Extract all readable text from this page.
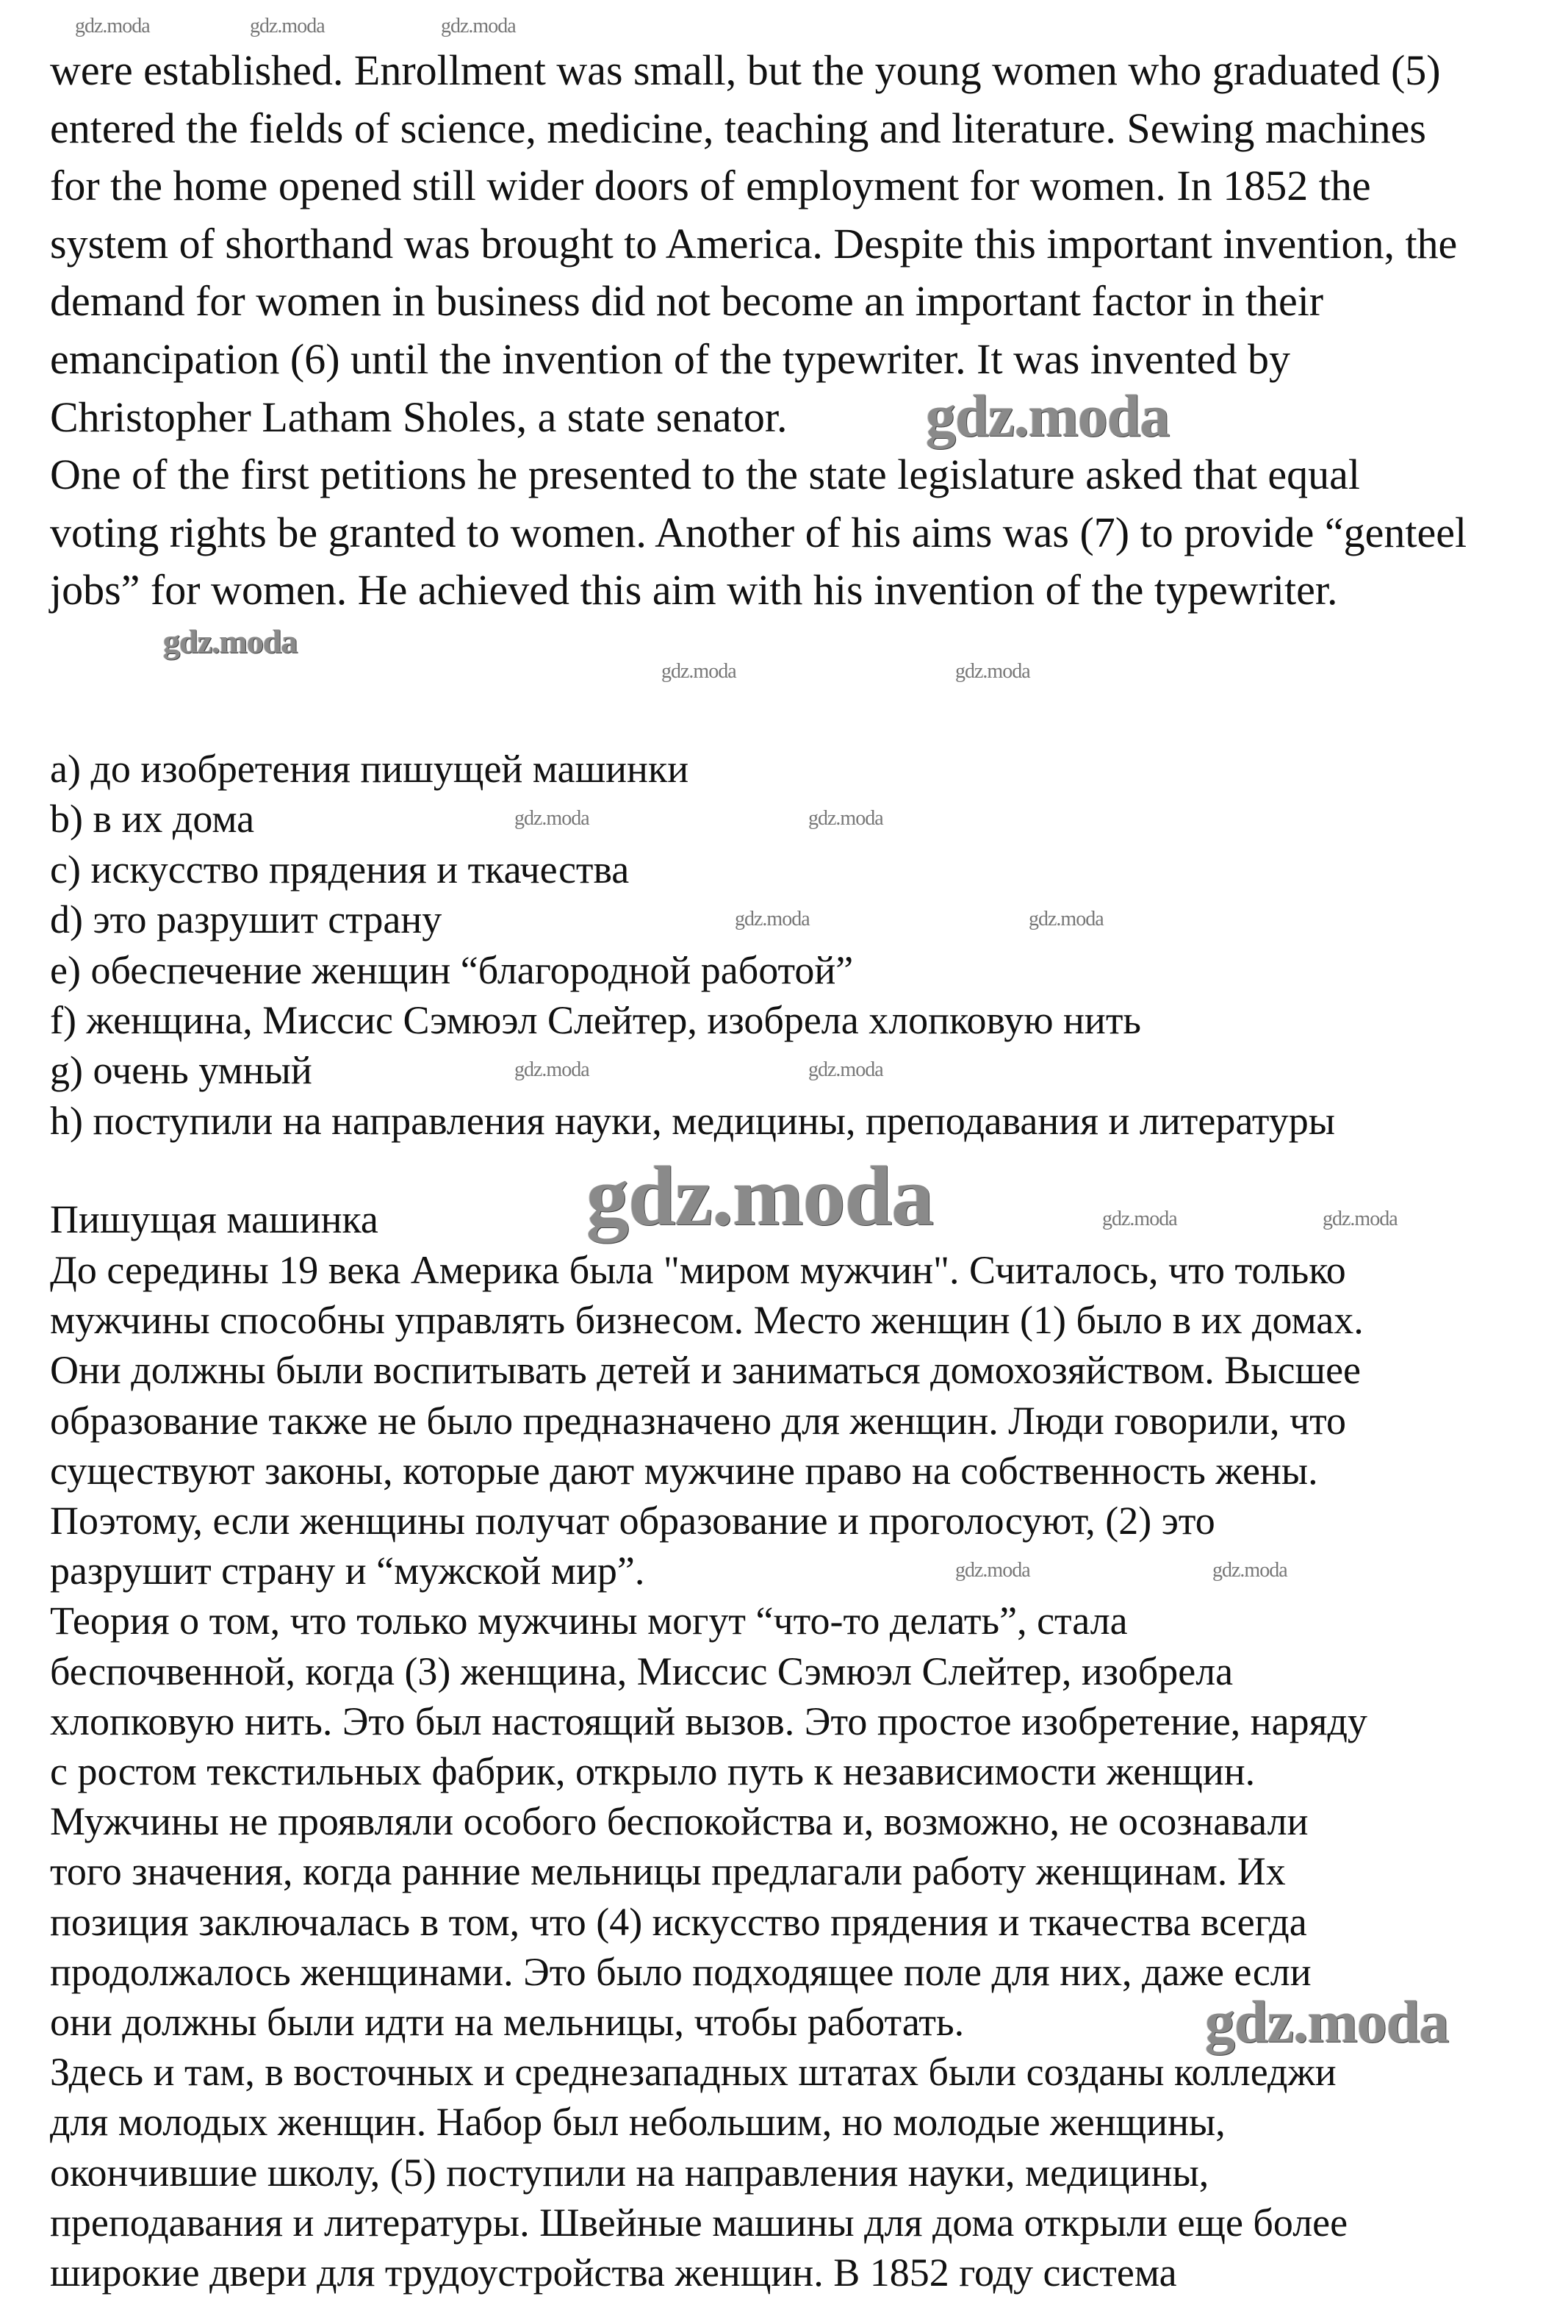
were established. Enrollment was small, but the young women who graduated (5)
entered the fields of science, medicine, teaching and literature. Sewing machines
for the home opened still wider doors of employment for women. In 1852 the
system of shorthand was brought to America. Despite this important invention, the
demand for women in business did not become an important factor in their
emancipation (6) until the invention of the typewriter. It was invented by
Christopher Latham Sholes, a state senator.
One of the first petitions he presented to the state legislature asked that equal
voting rights be granted to women. Another of his aims was (7) to provide “genteel
jobs” for women. He achieved this aim with his invention of the typewriter.
a) до изобретения пишущей машинки
b) в их дома
c) искусство прядения и ткачества
d) это разрушит страну
e) обеспечение женщин “благородной работой”
f) женщина, Миссис Сэмюэл Слейтер, изобрела хлопковую нить
g) очень умный
h) поступили на направления науки, медицины, преподавания и литературы
Пишущая машинка
До середины 19 века Америка была "миром мужчин". Считалось, что только
мужчины способны управлять бизнесом. Место женщин (1) было в их домах.
Они должны были воспитывать детей и заниматься домохозяйством. Высшее
образование также не было предназначено для женщин. Люди говорили, что
существуют законы, которые дают мужчине право на собственность жены.
Поэтому, если женщины получат образование и проголосуют, (2) это
разрушит страну и “мужской мир”.
Теория о том, что только мужчины могут “что-то делать”, стала
беспочвенной, когда (3) женщина, Миссис Сэмюэл Слейтер, изобрела
хлопковую нить. Это был настоящий вызов. Это простое изобретение, наряду
с ростом текстильных фабрик, открыло путь к независимости женщин.
Мужчины не проявляли особого беспокойства и, возможно, не осознавали
того значения, когда ранние мельницы предлагали работу женщинам. Их
позиция заключалась в том, что (4) искусство прядения и ткачества всегда
продолжалось женщинами. Это было подходящее поле для них, даже если
они должны были идти на мельницы, чтобы работать.
Здесь и там, в восточных и среднезападных штатах были созданы колледжи
для молодых женщин. Набор был небольшим, но молодые женщины,
окончившие школу, (5) поступили на направления науки, медицины,
преподавания и литературы. Швейные машины для дома открыли еще более
широкие двери для трудоустройства женщин. В 1852 году система
gdz.moda
gdz.moda
gdz.moda
gdz.moda
gdz.moda	gdz.moda	gdz.moda
gdz.moda	gdz.moda
gdz.moda	gdz.moda
gdz.moda	gdz.moda
gdz.moda	gdz.moda
gdz.moda	gdz.moda
gdz.moda	gdz.moda
